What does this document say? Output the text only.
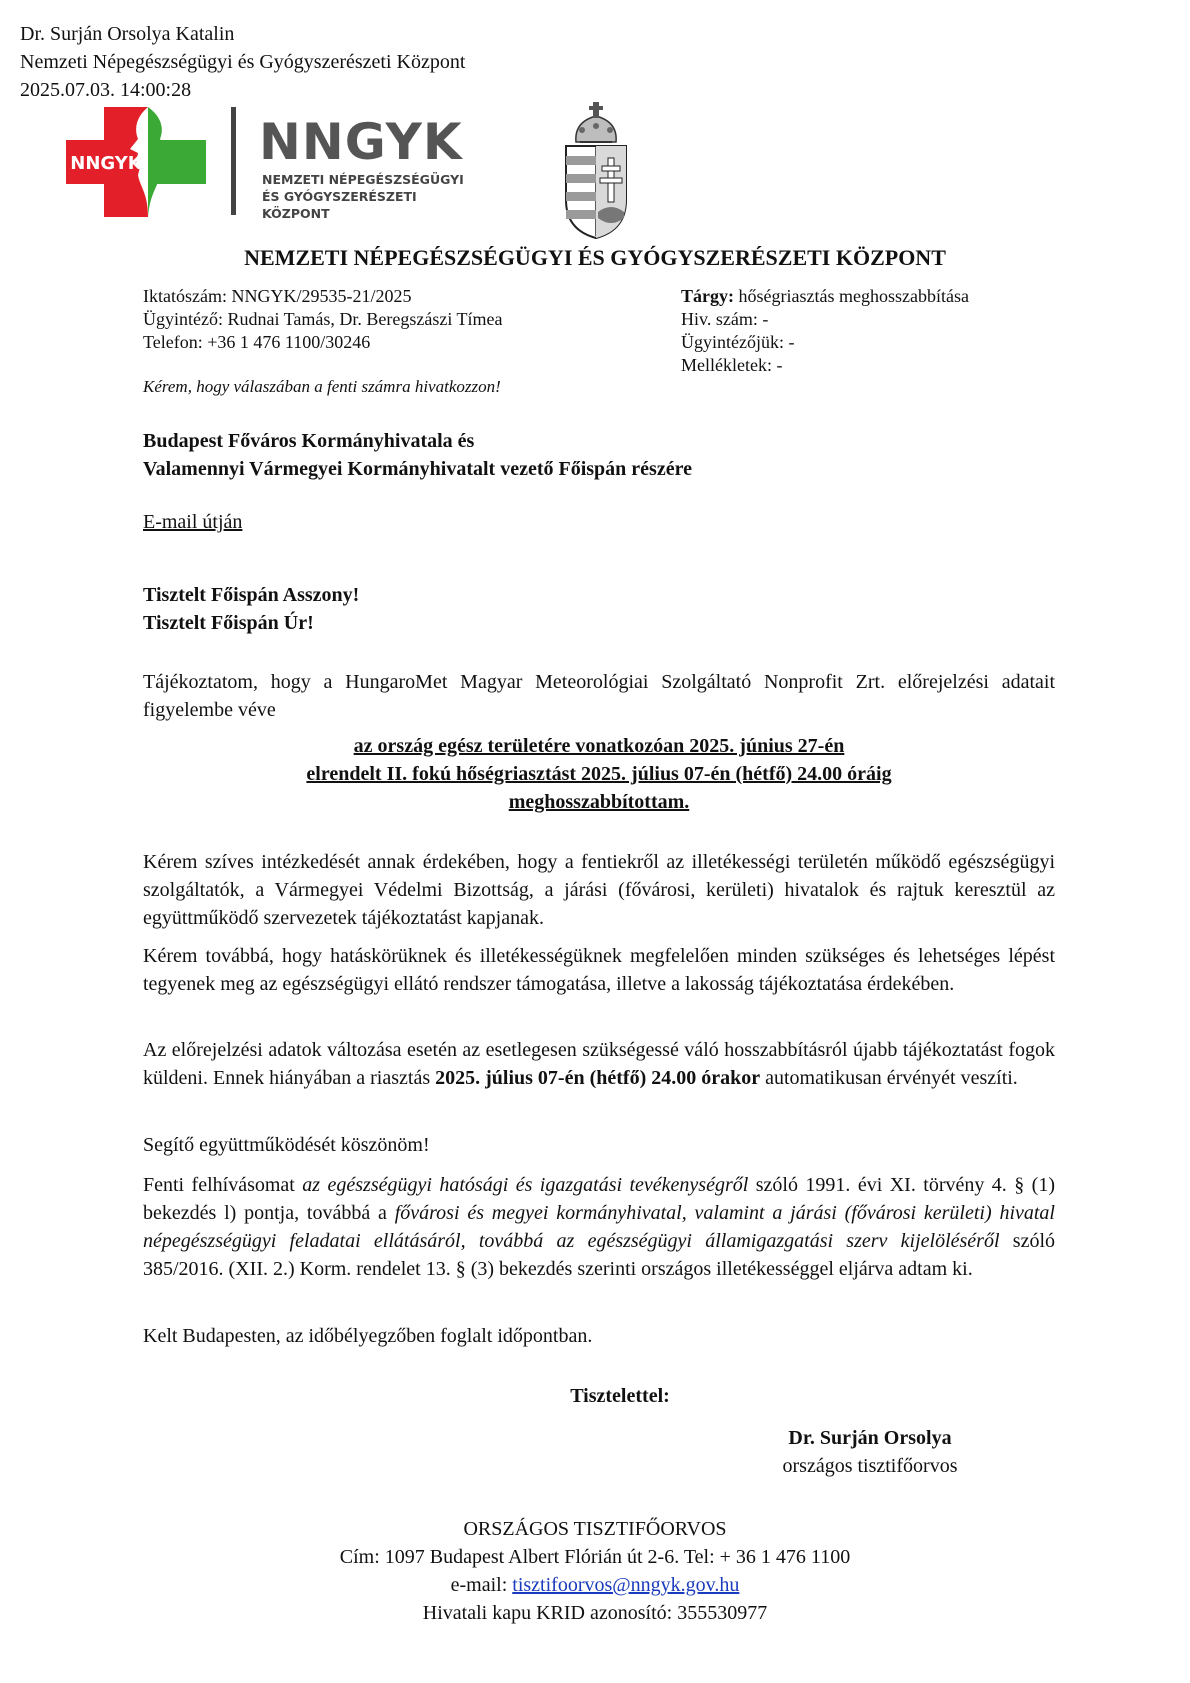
Dr. Surján Orsolya Katalin
Nemzeti Népegészségügyi és Gyógyszerészeti Központ
2025.07.03. 14:00:28
NNGYK NNGYK
NEMZETI NÉPEGÉSZSÉGÜGYI
ÉS GYÓGYSZERÉSZETI KÖZPONT
NEMZETI NÉPEGÉSZSÉGÜGYI ÉS GYÓGYSZERÉSZETI KÖZPONT
Iktatószám: NNGYK/29535-21/2025
Ügyintéző: Rudnai Tamás, Dr. Beregszászi Tímea
Telefon: +36 1 476 1100/30246
Kérem, hogy válaszában a fenti számra hivatkozzon!
Tárgy: hőségriasztás meghosszabbítása
Hiv. szám: -
Ügyintézőjük: -
Mellékletek: -
Budapest Főváros Kormányhivatala és
Valamennyi Vármegyei Kormányhivatalt vezető Főispán részére
E-mail útján
Tisztelt Főispán Asszony!
Tisztelt Főispán Úr!
Tájékoztatom, hogy a HungaroMet Magyar Meteorológiai Szolgáltató Nonprofit Zrt. előrejelzési adatait figyelembe véve
az ország egész területére vonatkozóan 2025. június 27-én
elrendelt II. fokú hőségriasztást 2025. július 07-én (hétfő) 24.00 óráig
meghosszabbítottam.
Kérem szíves intézkedését annak érdekében, hogy a fentiekről az illetékességi területén működő egészségügyi szolgáltatók, a Vármegyei Védelmi Bizottság, a járási (fővárosi, kerületi) hivatalok és rajtuk keresztül az együttműködő szervezetek tájékoztatást kapjanak.
Kérem továbbá, hogy hatáskörüknek és illetékességüknek megfelelően minden szükséges és lehetséges lépést tegyenek meg az egészségügyi ellátó rendszer támogatása, illetve a lakosság tájékoztatása érdekében.
Az előrejelzési adatok változása esetén az esetlegesen szükségessé váló hosszabbításról újabb tájékoztatást fogok küldeni. Ennek hiányában a riasztás 2025. július 07-én (hétfő) 24.00 órakor automatikusan érvényét veszíti.
Segítő együttműködését köszönöm!
Fenti felhívásomat az egészségügyi hatósági és igazgatási tevékenységről szóló 1991. évi XI. törvény 4. § (1) bekezdés l) pontja, továbbá a fővárosi és megyei kormányhivatal, valamint a járási (fővárosi kerületi) hivatal népegészségügyi feladatai ellátásáról, továbbá az egészségügyi államigazgatási szerv kijelöléséről szóló 385/2016. (XII. 2.) Korm. rendelet 13. § (3) bekezdés szerinti országos illetékességgel eljárva adtam ki.
Kelt Budapesten, az időbélyegzőben foglalt időpontban.
Tisztelettel:
Dr. Surján Orsolya
országos tisztifőorvos
ORSZÁGOS TISZTIFŐORVOS
Cím: 1097 Budapest Albert Flórián út 2-6. Tel: + 36 1 476 1100
e-mail: tisztifoorvos@nngyk.gov.hu
Hivatali kapu KRID azonosító: 355530977
